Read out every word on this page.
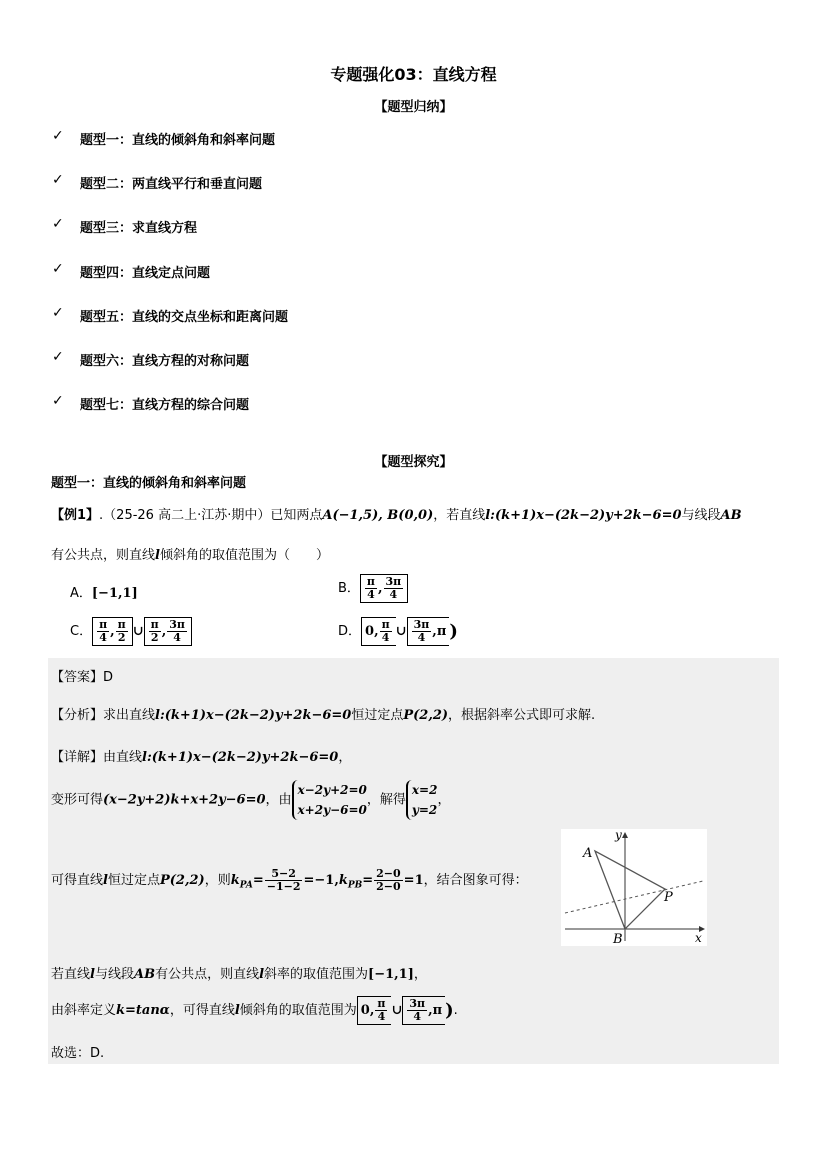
专题强化03：直线方程
【题型归纳】
✓ 题型一：直线的倾斜角和斜率问题
✓ 题型二：两直线平行和垂直问题
✓ 题型三：求直线方程
✓ 题型四：直线定点问题
✓ 题型五：直线的交点坐标和距离问题
✓ 题型六：直线方程的对称问题
✓ 题型七：直线方程的综合问题
【题型探究】
题型一：直线的倾斜角和斜率问题
【例1】.（25-26 高二上·江苏·期中）已知两点A(−1,5), B(0,0)，若直线l:(k+1)x−(2k−2)y+2k−6=0与线段AB
有公共点，则直线l倾斜角的取值范围为（　　）
A．[−1,1]	B． $\frac{\pi}{4}$ , $\frac{3\pi}{4}$
C． $\frac{\pi}{4}$ , $\frac{\pi}{2}$ ∪ $\frac{\pi}{2}$ , $\frac{3\pi}{4}$	D． 0, $\frac{\pi}{4}$ ∪ $\frac{3\pi}{4} ,\pi$ )
【答案】D
【分析】求出直线l:(k+1)x−(2k−2)y+2k−6=0恒过定点P(2,2)，根据斜率公式即可求解.
【详解】由直线l:(k+1)x−(2k−2)y+2k−6=0，
变形可得(x−2y+2)k+x+2y−6=0，由
x−2y+2=0
x+2y−6=0
，解得
x=2
y=2
，
可得直线l恒过定点P(2,2)，则$k_{PA}= \frac{5-2}{-1-2} =-1,k_{PB}= \frac{2-0}{2-0} =1$，结合图象可得：
A
B
P
x
y
若直线l与线段AB有公共点，则直线l斜率的取值范围为[−1,1]，
由斜率定义k=tanα，可得直线l倾斜角的取值范围为 0, $\frac{\pi}{4}$ ∪ $\frac{3\pi}{4} ,\pi$ ).
故选：D.
